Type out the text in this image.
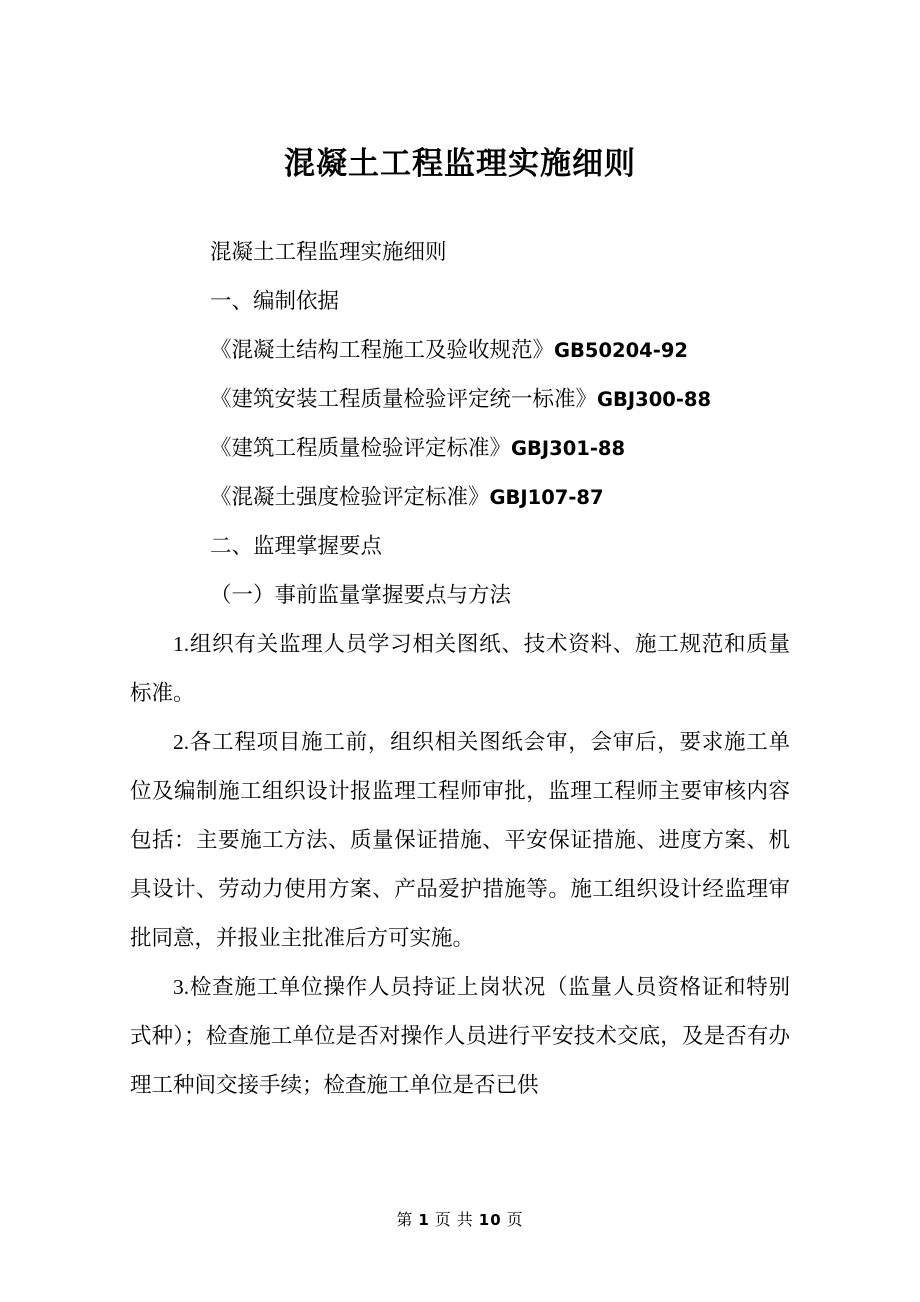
混凝土工程监理实施细则

混凝土工程监理实施细则

一、编制依据

《混凝土结构工程施工及验收规范》GB50204-92

《建筑安装工程质量检验评定统一标准》GBJ300-88

《建筑工程质量检验评定标准》GBJ301-88

《混凝土强度检验评定标准》GBJ107-87

二、监理掌握要点

（一）事前监量掌握要点与方法

1.组织有关监理人员学习相关图纸、技术资料、施工规范和质量标准。

2.各工程项目施工前，组织相关图纸会审，会审后，要求施工单位及编制施工组织设计报监理工程师审批，监理工程师主要审核内容包括：主要施工方法、质量保证措施、平安保证措施、进度方案、机具设计、劳动力使用方案、产品爱护措施等。施工组织设计经监理审批同意，并报业主批准后方可实施。

3.检查施工单位操作人员持证上岗状况（监量人员资格证和特别式种）；检查施工单位是否对操作人员进行平安技术交底，及是否有办理工种间交接手续；检查施工单位是否已供

第 1 页 共 10 页
